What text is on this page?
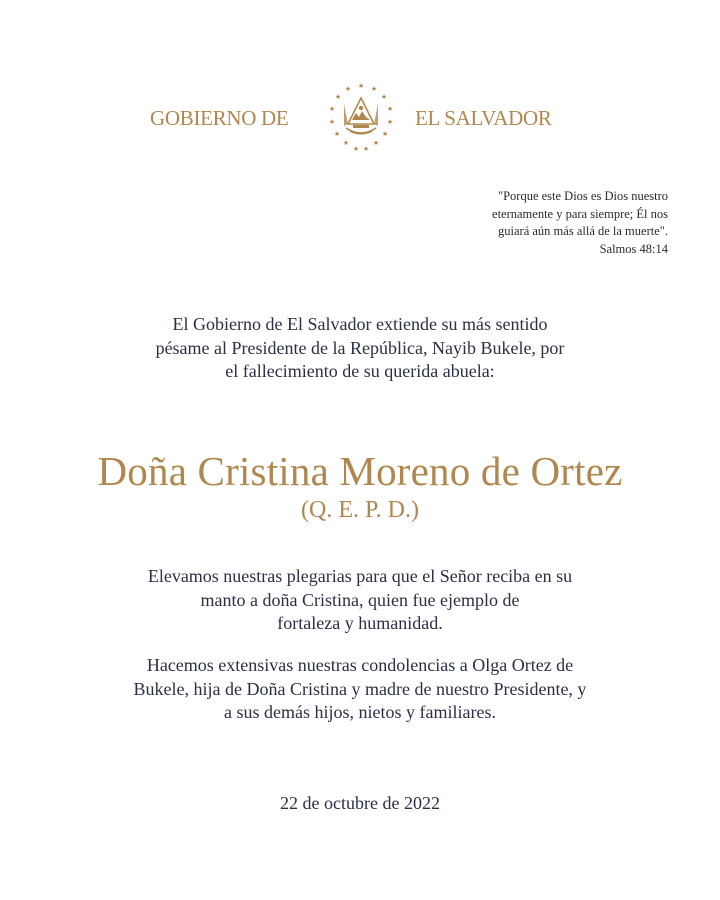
GOBIERNO DE
★ ★
★
★
★
★
★
★
★
★
★
★
★
★
★
EL SALVADOR
"Porque este Dios es Dios nuestro
eternamente y para siempre; Él nos
guiará aún más allá de la muerte".
Salmos 48:14
El Gobierno de El Salvador extiende su más sentido
pésame al Presidente de la República, Nayib Bukele, por
el fallecimiento de su querida abuela:
Doña Cristina Moreno de Ortez
(Q. E. P. D.)
Elevamos nuestras plegarias para que el Señor reciba en su
manto a doña Cristina, quien fue ejemplo de
fortaleza y humanidad.
Hacemos extensivas nuestras condolencias a Olga Ortez de
Bukele, hija de Doña Cristina y madre de nuestro Presidente, y
a sus demás hijos, nietos y familiares.
22 de octubre de 2022
